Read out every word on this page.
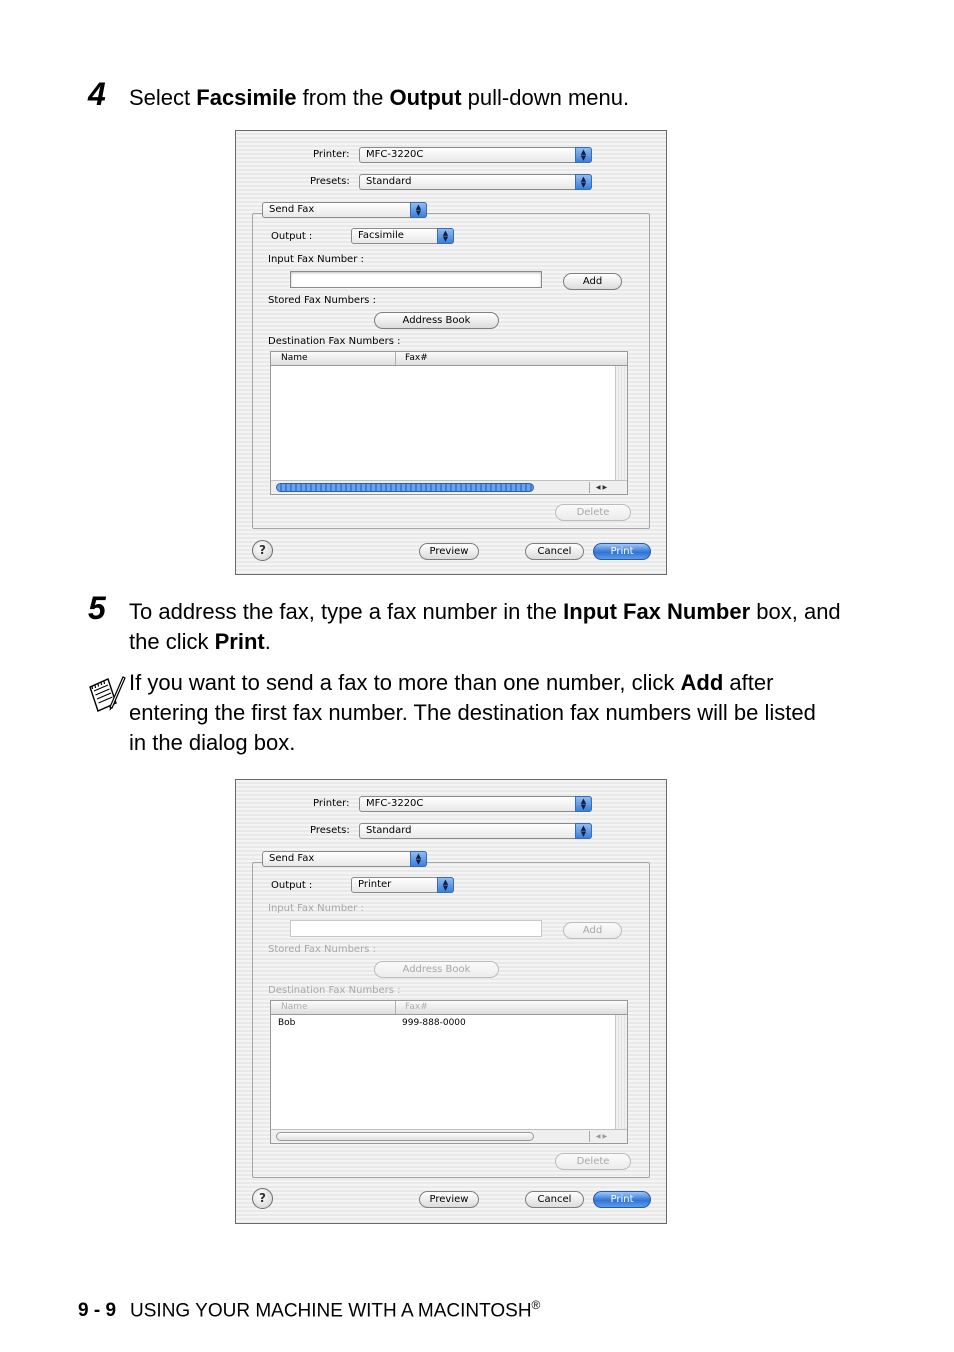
4 Select Facsimile from the Output pull-down menu.
Printer:	MFC-3220C	▲
▼
Presets:	Standard	▲
▼
Send Fax	▲
▼
Output :	Facsimile	▲
▼
Input Fax Number :
Add
Stored Fax Numbers :
Address Book
Destination Fax Numbers :
Name	Fax#
◀ ▶
Delete
?	Preview	Cancel	Print
5 To address the fax, type a fax number in the Input Fax Number box, and the click Print.
If you want to send a fax to more than one number, click Add after entering the first fax number. The destination fax numbers will be listed in the dialog box.
Printer:	MFC-3220C	▲
▼
Presets:	Standard	▲
▼
Send Fax	▲
▼
Output :	Printer	▲
▼
Input Fax Number :
Add
Stored Fax Numbers :
Address Book
Destination Fax Numbers :
Name	Fax#
Bob	999-888-0000
◀ ▶
Delete
?	Preview	Cancel	Print
9 - 9 USING YOUR MACHINE WITH A MACINTOSH®
